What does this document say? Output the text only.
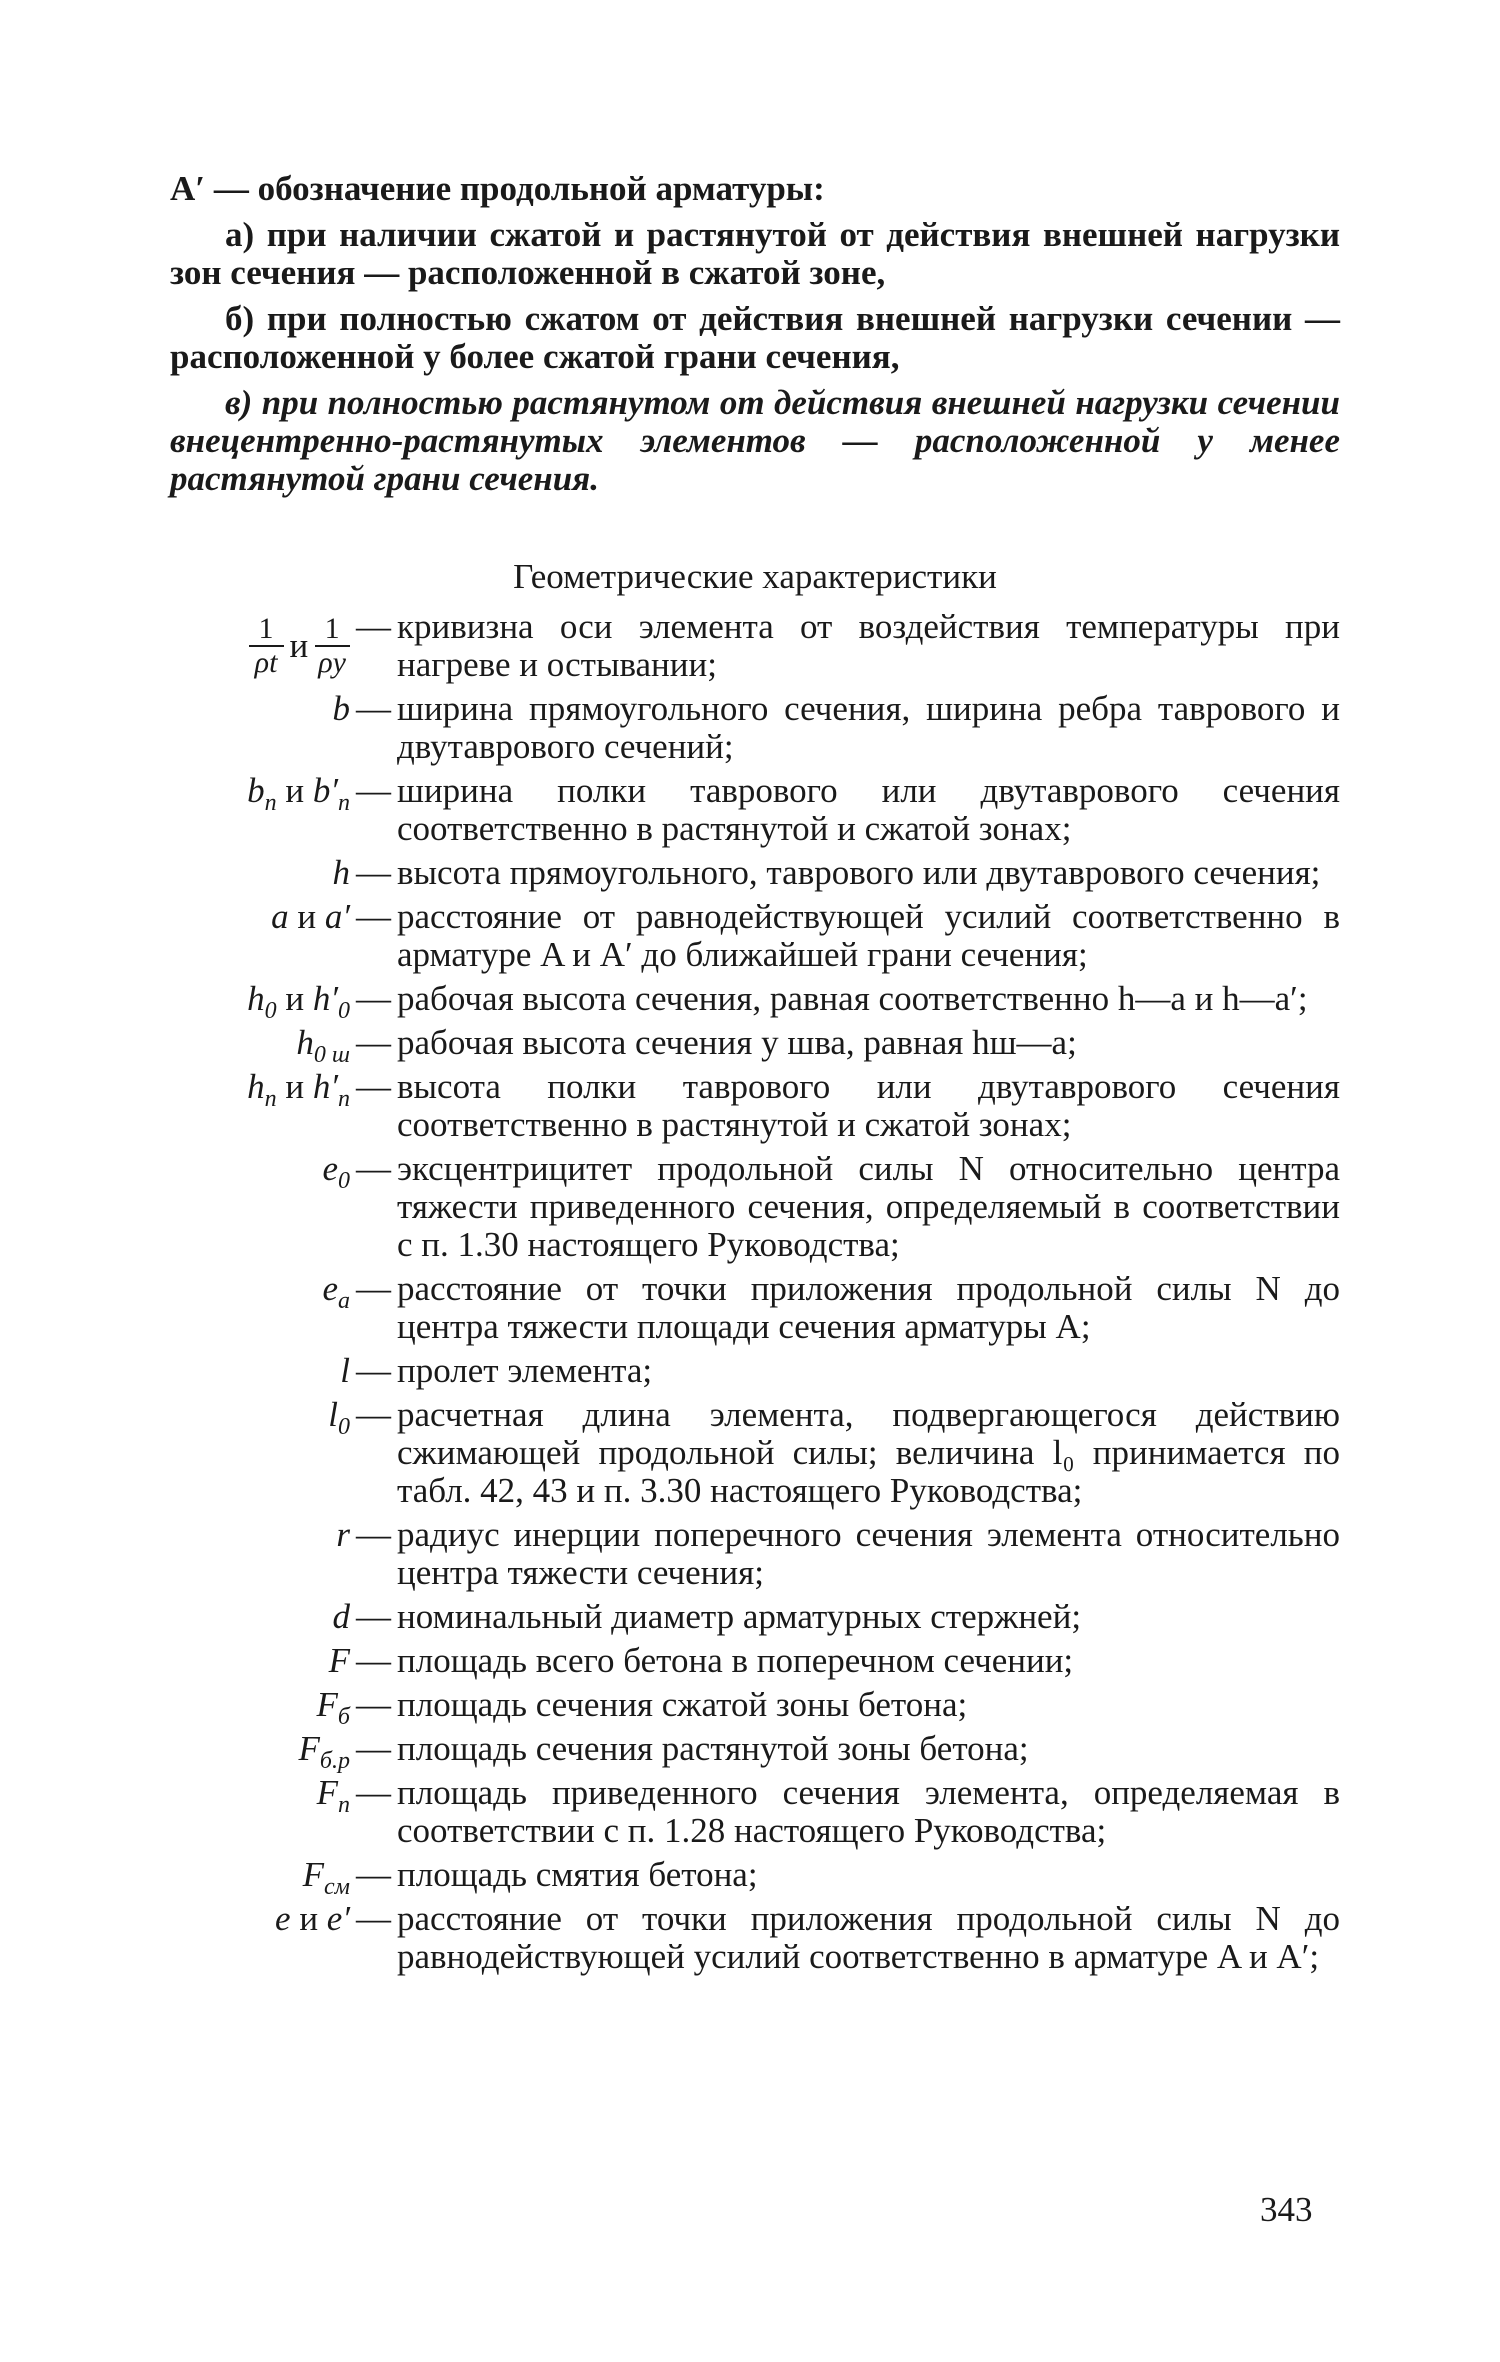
A′ — обозначение продольной арматуры:
а) при наличии сжатой и растянутой от действия внешней нагрузки зон сечения — расположенной в сжатой зоне,
б) при полностью сжатом от действия внешней нагрузки сечении — расположенной у более сжатой грани сечения,
в) при полностью растянутом от действия внешней нагрузки сечении внецентренно-растянутых элементов — расположенной у менее растянутой грани сечения.
Геометрические характеристики
$\frac{1}{\rho t}$ и $\frac{1}{\rho y}$ — кривизна оси элемента от воздействия температуры при нагреве и остывании;
b — ширина прямоугольного сечения, ширина ребра таврового и двутаврового сечений;
$b_п$ и $b'_п$ — ширина полки таврового или двутаврового сечения соответственно в растянутой и сжатой зонах;
h — высота прямоугольного, таврового или двутаврового сечения;
a и a′ — расстояние от равнодействующей усилий соответственно в арматуре A и A′ до ближайшей грани сечения;
$h_0$ и $h'_0$ — рабочая высота сечения, равная соответственно h—a и h—a′;
$h_{0 ш}$ — рабочая высота сечения у шва, равная hш—a;
$h_п$ и $h'_п$ — высота полки таврового или двутаврового сечения соответственно в растянутой и сжатой зонах;
$e_0$ — эксцентрицитет продольной силы N относительно центра тяжести приведенного сечения, определяемый в соответствии с п. 1.30 настоящего Руководства;
$e_а$ — расстояние от точки приложения продольной силы N до центра тяжести площади сечения арматуры A;
l — пролет элемента;
$l_0$ — расчетная длина элемента, подвергающегося действию сжимающей продольной силы; величина l₀ принимается по табл. 42, 43 и п. 3.30 настоящего Руководства;
r — радиус инерции поперечного сечения элемента относительно центра тяжести сечения;
d — номинальный диаметр арматурных стержней;
F — площадь всего бетона в поперечном сечении;
$F_б$ — площадь сечения сжатой зоны бетона;
$F_{б.р}$ — площадь сечения растянутой зоны бетона;
$F_п$ — площадь приведенного сечения элемента, определяемая в соответствии с п. 1.28 настоящего Руководства;
$F_{см}$ — площадь смятия бетона;
e и e′ — расстояние от точки приложения продольной силы N до равнодействующей усилий соответственно в арматуре A и A′;
343
